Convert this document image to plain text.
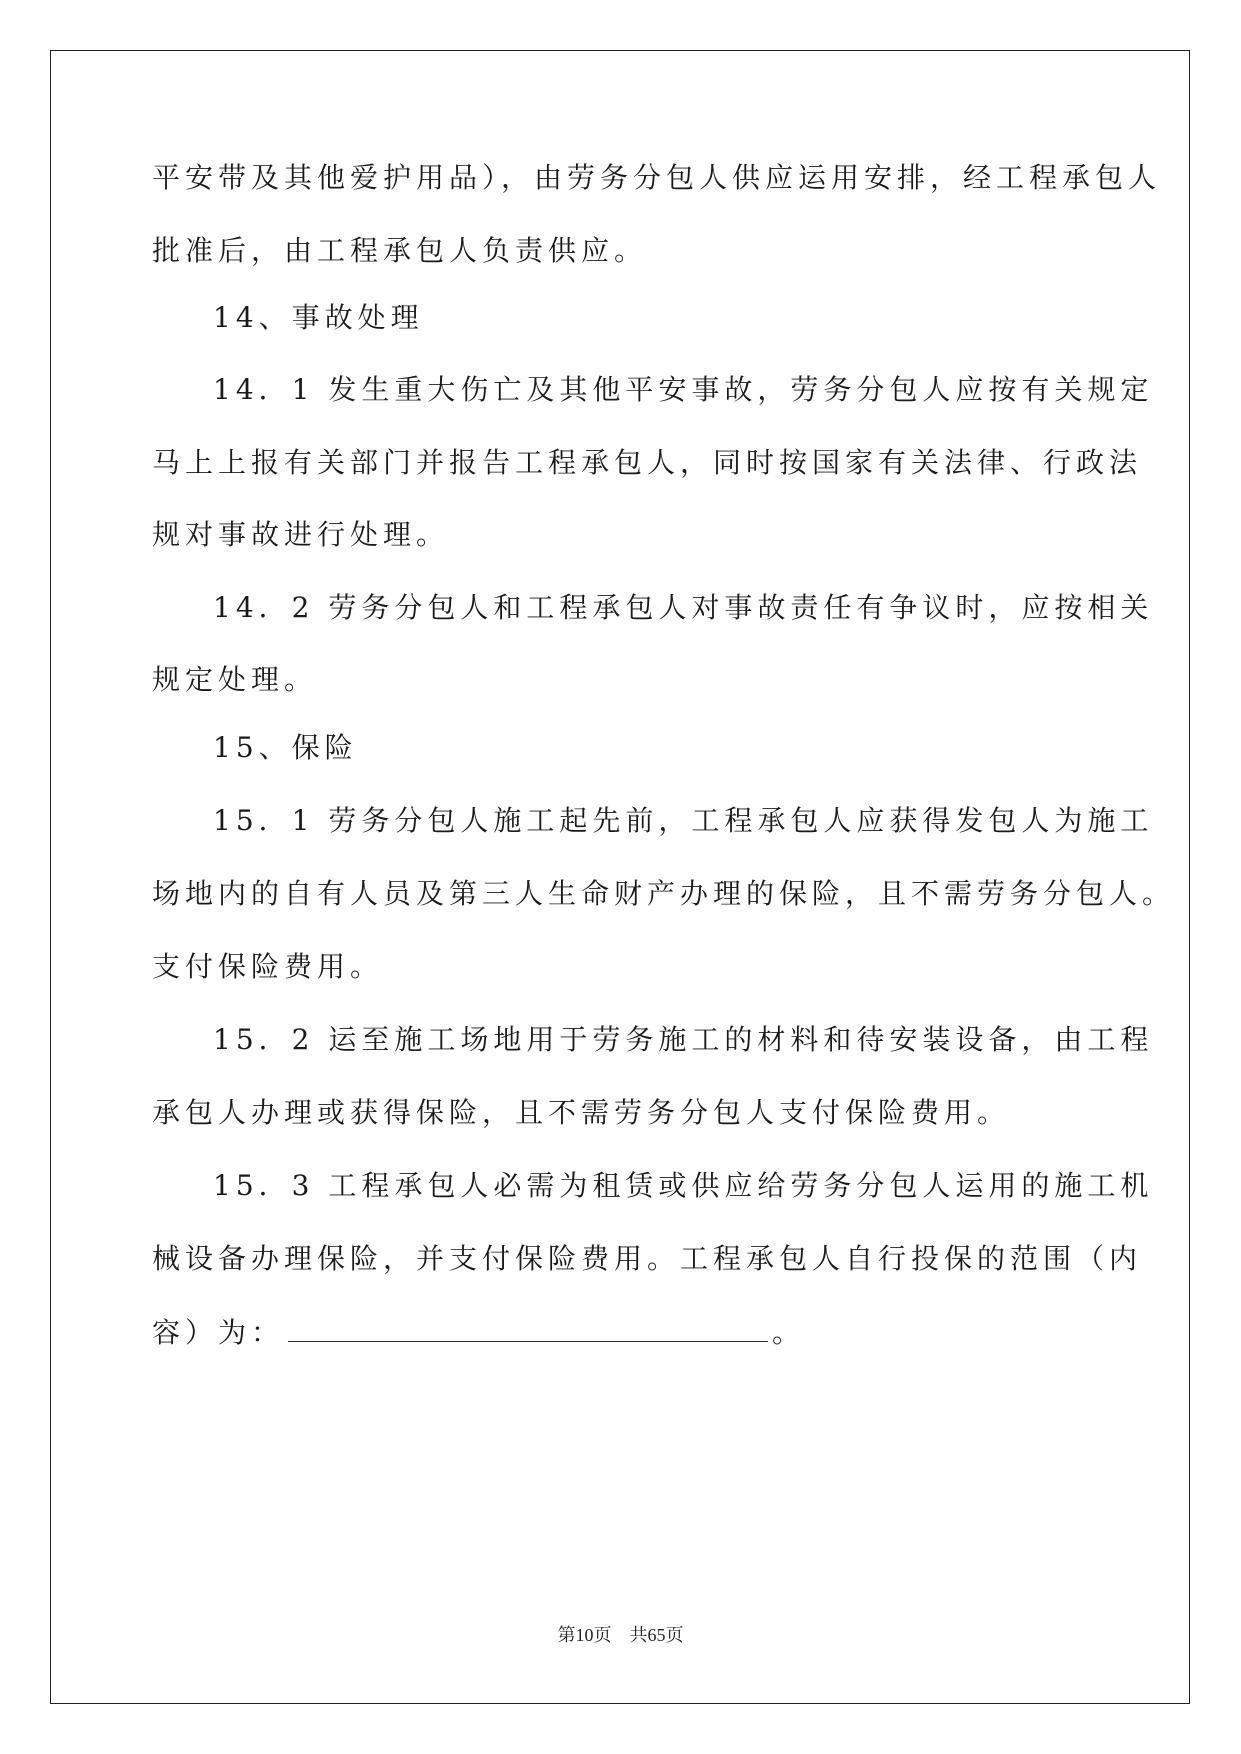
平安带及其他爱护用品），由劳务分包人供应运用安排，经工程承包人
批准后，由工程承包人负责供应。
14、事故处理
14．1 发生重大伤亡及其他平安事故，劳务分包人应按有关规定
马上上报有关部门并报告工程承包人，同时按国家有关法律、行政法
规对事故进行处理。
14．2 劳务分包人和工程承包人对事故责任有争议时，应按相关
规定处理。
15、保险
15．1 劳务分包人施工起先前，工程承包人应获得发包人为施工
场地内的自有人员及第三人生命财产办理的保险，且不需劳务分包人。
支付保险费用。
15．2 运至施工场地用于劳务施工的材料和待安装设备，由工程
承包人办理或获得保险，且不需劳务分包人支付保险费用。
15．3 工程承包人必需为租赁或供应给劳务分包人运用的施工机
械设备办理保险，并支付保险费用。工程承包人自行投保的范围（内
容）为：	。
第10页 共65页
